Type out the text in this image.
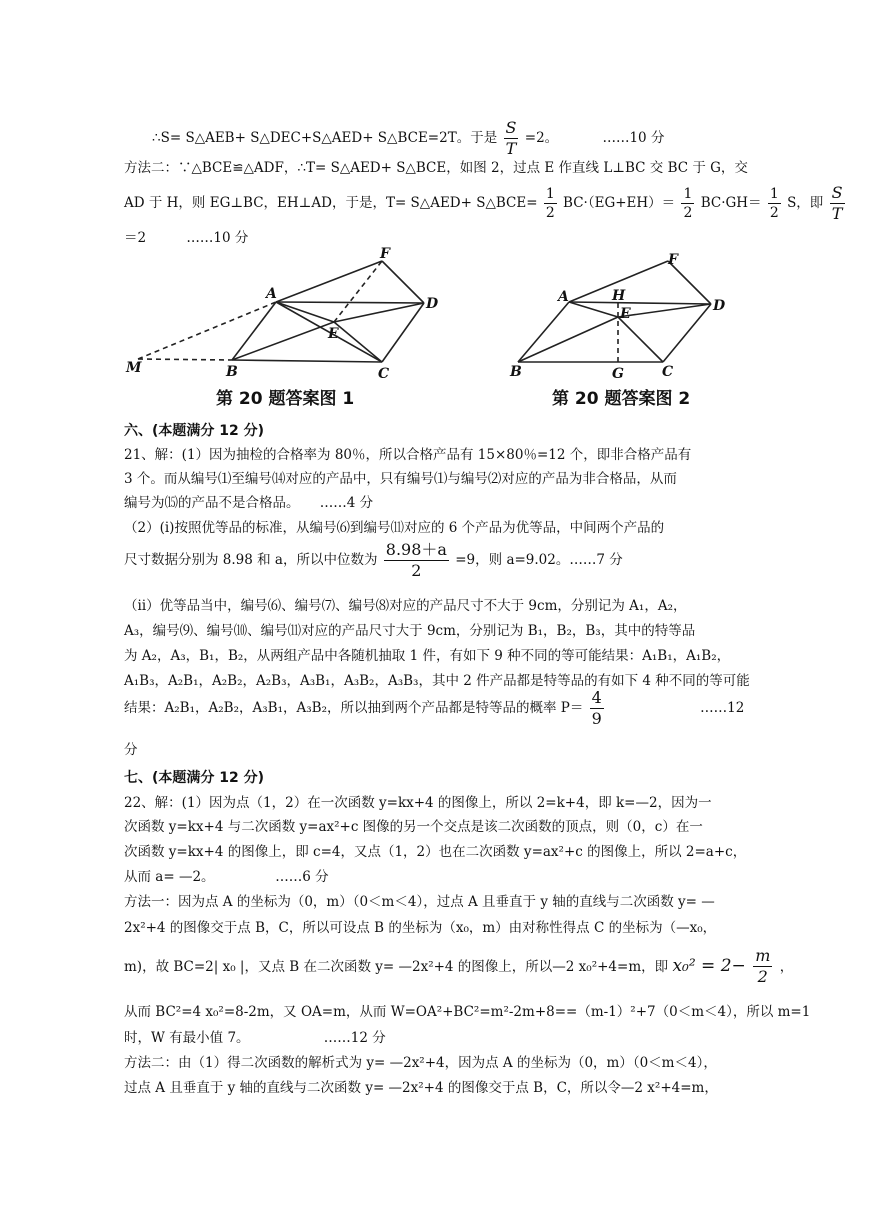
∴S= S△AEB+ S△DEC+S△AED+ S△BCE=2T。于是 $\frac{S}{T} =2$。	……10 分
方法二：∵△BCE≌△ADF，∴T= S△AED+ S△BCE，如图 2，过点 E 作直线 L⊥BC 交 BC 于 G，交
AD 于 H，则 EG⊥BC，EH⊥AD，于是，T= S△AED+ S△BCE= $\frac{1}{2} BC\cdot(EG+EH)= \frac{1}{2} BC\cdot GH= \frac{1}{2}$ S，即 $\frac{S}{T}$
＝2	……10 分
F
A
D
E
M	B	C
第 20 题答案图 1
F
A	H
E	D
B	G	C
第 20 题答案图 2
六、(本题满分 12 分)
21、解：(1）因为抽检的合格率为 80％，所以合格产品有 15×80％=12 个，即非合格产品有
3 个。而从编号⑴至编号⒁对应的产品中，只有编号⑴与编号⑵对应的产品为非合格品，从而
编号为⒂的产品不是合格品。　　……4 分
（2）(ⅰ)按照优等品的标准，从编号⑹到编号⑾对应的 6 个产品为优等品，中间两个产品的
尺寸数据分别为 8.98 和 a，所以中位数为 $\frac{8.98+a}{2} =9$，则 a=9.02。……7 分
（ⅱ）优等品当中，编号⑹、编号⑺、编号⑻对应的产品尺寸不大于 9cm，分别记为 A₁，A₂，
A₃，编号⑼、编号⑽、编号⑾对应的产品尺寸大于 9cm，分别记为 B₁，B₂，B₃，其中的特等品
为 A₂，A₃，B₁，B₂，从两组产品中各随机抽取 1 件，有如下 9 种不同的等可能结果：A₁B₁，A₁B₂，
A₁B₃，A₂B₁，A₂B₂，A₂B₃，A₃B₁，A₃B₂，A₃B₃，其中 2 件产品都是特等品的有如下 4 种不同的等可能
结果：A₂B₁，A₂B₂，A₃B₁，A₃B₂，所以抽到两个产品都是特等品的概率 $P= \frac{4}{9}$	……12
分
七、(本题满分 12 分)
22、解：(1）因为点（1，2）在一次函数 y=kx+4 的图像上，所以 2=k+4，即 k=—2，因为一
次函数 y=kx+4 与二次函数 y=ax²+c 图像的另一个交点是该二次函数的顶点，则（0，c）在一
次函数 y=kx+4 的图像上，即 c=4，又点（1，2）也在二次函数 y=ax²+c 的图像上，所以 2=a+c，
从而 a= —2。　　　　　……6 分
方法一：因为点 A 的坐标为（0，m）（0＜m＜4），过点 A 且垂直于 y 轴的直线与二次函数 y= —
2x²+4 的图像交于点 B，C，所以可设点 B 的坐标为（x₀，m）由对称性得点 C 的坐标为（—x₀，
m)，故 BC=2| x₀ |，又点 B 在二次函数 y= —2x²+4 的图像上，所以—2 x₀²+4=m，即 $x_0^2 = 2- \frac{m}{2}$ ，
从而 BC²=4 x₀²=8-2m，又 OA=m，从而 W=OA²+BC²=m²-2m+8==（m-1）²+7（0＜m＜4），所以 m=1
时，W 有最小值 7。　　　　　　……12 分
方法二：由（1）得二次函数的解析式为 y= —2x²+4，因为点 A 的坐标为（0，m）（0＜m＜4），
过点 A 且垂直于 y 轴的直线与二次函数 y= —2x²+4 的图像交于点 B，C，所以令—2 x²+4=m，
